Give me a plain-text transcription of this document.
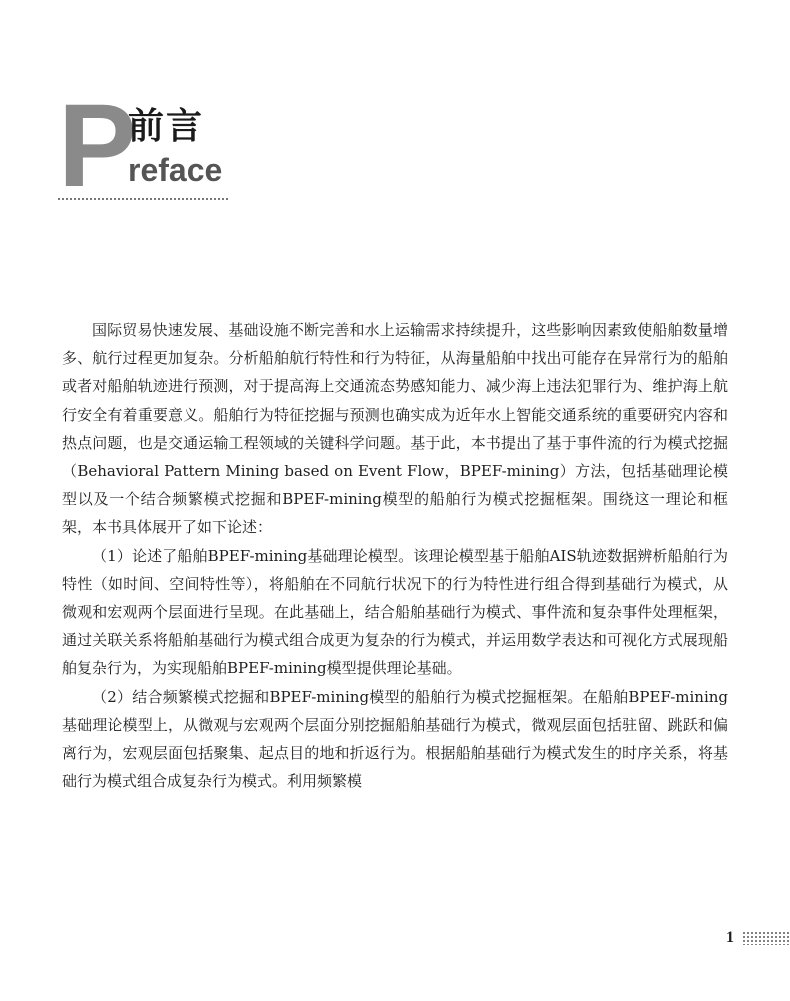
P
前言
reface

国际贸易快速发展、基础设施不断完善和水上运输需求持续提升，这些影响因素致使船舶数量增多、航行过程更加复杂。分析船舶航行特性和行为特征，从海量船舶中找出可能存在异常行为的船舶或者对船舶轨迹进行预测，对于提高海上交通流态势感知能力、减少海上违法犯罪行为、维护海上航行安全有着重要意义。船舶行为特征挖掘与预测也确实成为近年水上智能交通系统的重要研究内容和热点问题，也是交通运输工程领域的关键科学问题。基于此，本书提出了基于事件流的行为模式挖掘（Behavioral Pattern Mining based on Event Flow，BPEF-mining）方法，包括基础理论模型以及一个结合频繁模式挖掘和BPEF-mining模型的船舶行为模式挖掘框架。围绕这一理论和框架，本书具体展开了如下论述：

（1）论述了船舶BPEF-mining基础理论模型。该理论模型基于船舶AIS轨迹数据辨析船舶行为特性（如时间、空间特性等），将船舶在不同航行状况下的行为特性进行组合得到基础行为模式，从微观和宏观两个层面进行呈现。在此基础上，结合船舶基础行为模式、事件流和复杂事件处理框架，通过关联关系将船舶基础行为模式组合成更为复杂的行为模式，并运用数学表达和可视化方式展现船舶复杂行为，为实现船舶BPEF-mining模型提供理论基础。

（2）结合频繁模式挖掘和BPEF-mining模型的船舶行为模式挖掘框架。在船舶BPEF-mining基础理论模型上，从微观与宏观两个层面分别挖掘船舶基础行为模式，微观层面包括驻留、跳跃和偏离行为，宏观层面包括聚集、起点目的地和折返行为。根据船舶基础行为模式发生的时序关系，将基础行为模式组合成复杂行为模式。利用频繁模

1
